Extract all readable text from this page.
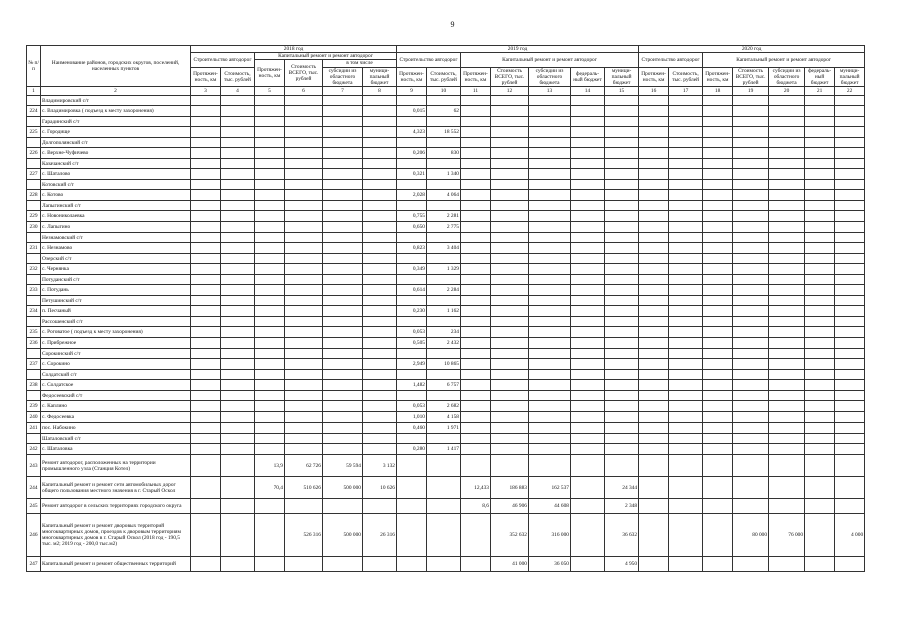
9
№ п/п	Наименование районов, городских округов, поселений, населенных пунктов	2018 год						2019 год							2020 год						
		Строительство автодорог		Капитальный ремонт и ремонт автодорог				Строительство автодорог		Капитальный ремонт и ремонт автодорог					Строительство автодорог		Капитальный ремонт и ремонт автодорог				
				Протяжен-ность, км	Стоимость ВСЕГО, тыс. рублей	в том числе															
		Протяжен-ность, км	Стоимость, тыс. рублей			субсидии из областного бюджета	муници-пальный бюджет	Протяжен-ность, км	Стоимость, тыс. рублей	Протяжен-ность, км	Стоимость ВСЕГО, тыс. рублей	субсидии из областного бюджета	федераль-ный бюджет	муници-пальный бюджет	Протяжен-ность, км	Стоимость, тыс. рублей	Протяжен-ность, км	Стоимость ВСЕГО, тыс. рублей	субсидии из областного бюджета	федераль-ный бюджет	муници-пальный бюджет
1	2	3	4	5	6	7	8	9	10	11	12	13	14	15	16	17	18	19	20	21	22
	Владимировский с/т																				
224	с. Владимировка ( подъезд к месту захоронения)							0,015	62												
	Гарадинский с/т																				
225	с. Городище							4,323	18 552												
	Долгополянский с/т																				
226	с. Верхне-Чуфичево							0,206	830												
	Казачанский с/т																				
227	с. Шаталово							0,321	1 340												
	Котовский с/т																				
228	с. Котово							2,028	4 064												
	Лапыгинский с/т																				
229	с. Новониколаевка							0,755	2 281												
230	с. Лапыгино							0,650	2 775												
	Незнамовский с/т																				
231	с. Незнамово							0,823	3 404												
	Озерский с/т																				
232	с. Чернянка							0,349	1 329												
	Потуданский с/т																				
233	с. Потудань							0,614	2 284												
	Петушинский с/т																				
234	п. Песчаный							0,230	1 162												
	Рассошенский с/т																				
235	с. Роговатое ( подъезд к месту захоронения)							0,053	234												
236	с. Прибрежное							0,505	2 432												
	Сорокинский с/т																				
237	с. Сорокино							2,949	10 865												
	Солдатский с/т																				
238	с. Солдатское							1,482	6 757												
	Федосеевский с/т																				
239	с. Каплино							0,053	2 682												
240	с. Федосеевка							1,010	4 158												
241	пос. Набокино							0,460	1 971												
	Шаталовский с/т																				
242	с. Шаталовка							0,280	1 417												
243	Ремонт автодорог, расположенных на территории промышленного узла (Станция Котел)			13,9	62 726	59 594	3 132														
244	Капитальный ремонт и ремонт сети автомобильных дорог общего пользования местного значения в г. Старый Оскол			70,4	510 626	500 000	10 626			12,433	186 883	162 537		24 344							
245	Ремонт автодорог в сельских территориях городского округа									8,6	46 906	44 608		2 348							
246	Капитальный ремонт и ремонт дворовых территорий многоквартирных домов, проездов к дворовым территориям многоквартирных домов в г. Старый Оскол (2018 год - 190,5 тыс. м2; 2019 год - 200,0 тыс.м2)				526 316	500 000	26 316				352 632	316 000		36 632				80 000	76 000		4 000
247	Капитальный ремонт и ремонт общественных территорий										41 000	36 050		4 950							
